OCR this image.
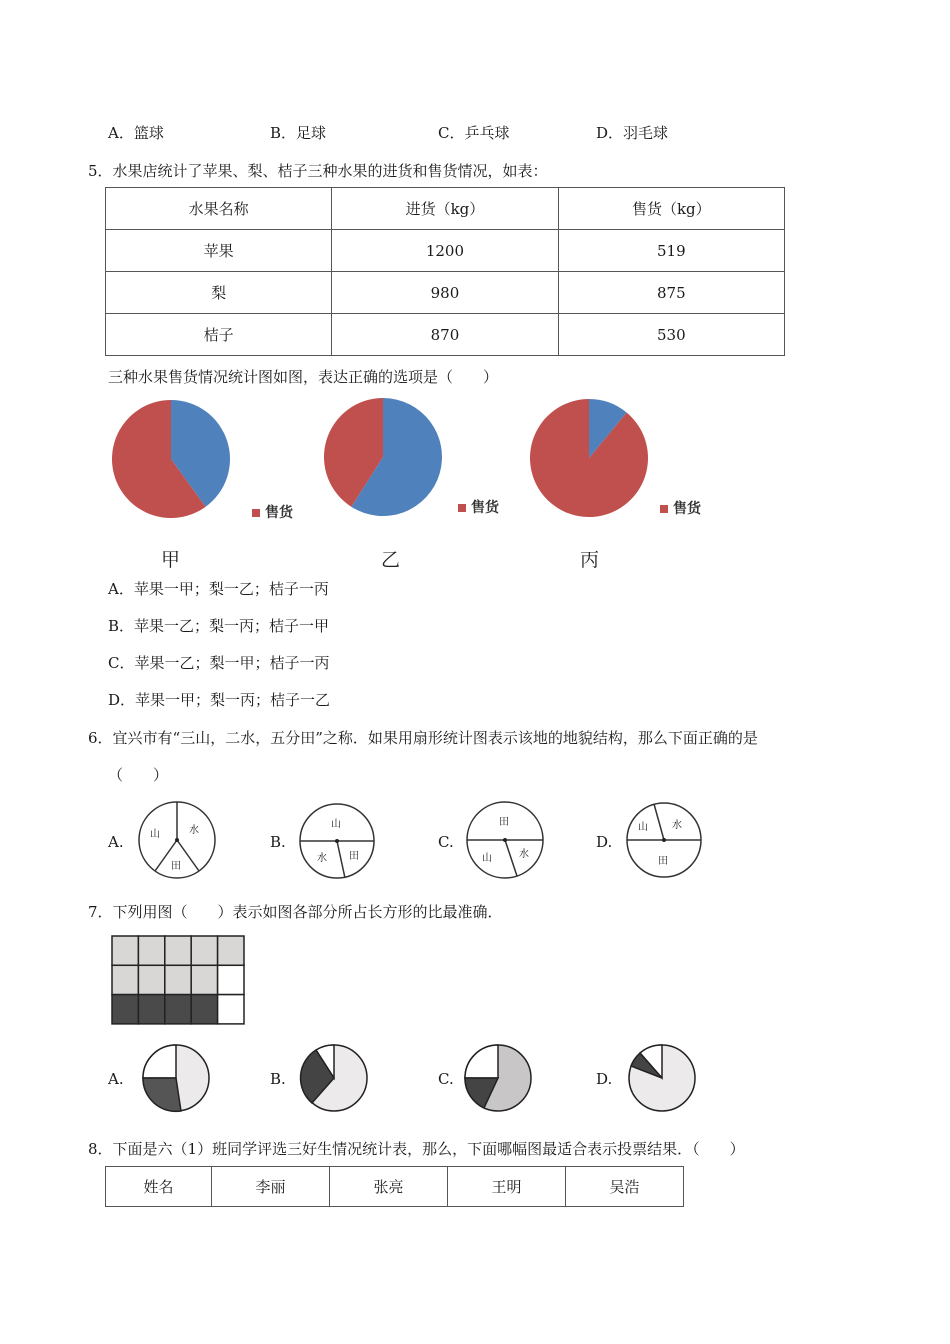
A．篮球	B．足球	C．乒乓球	D．羽毛球
5．水果店统计了苹果、梨、桔子三种水果的进货和售货情况，如表：
水果名称	进货（kg）	售货（kg）
苹果	1200	519
梨	980	875
桔子	870	530
三种水果售货情况统计图如图，表达正确的选项是（　　）
售货
甲
售货
乙
售货
丙
A．苹果一甲；梨一乙；桔子一丙
B．苹果一乙；梨一丙；桔子一甲
C．苹果一乙；梨一甲；桔子一丙
D．苹果一甲；梨一丙；桔子一乙
6．宜兴市有“三山，二水，五分田”之称．如果用扇形统计图表示该地的地貌结构，那么下面正确的是
（　　）
A.	山	水
田
B.
山
水 田
C.
田
山	水
D.
山 水
田
7．下列用图（　　）表示如图各部分所占长方形的比最准确．
A.	B.	C.	D.
8．下面是六（1）班同学评选三好生情况统计表，那么，下面哪幅图最适合表示投票结果．（　　）
姓名	李丽	张亮	王明	吴浩
